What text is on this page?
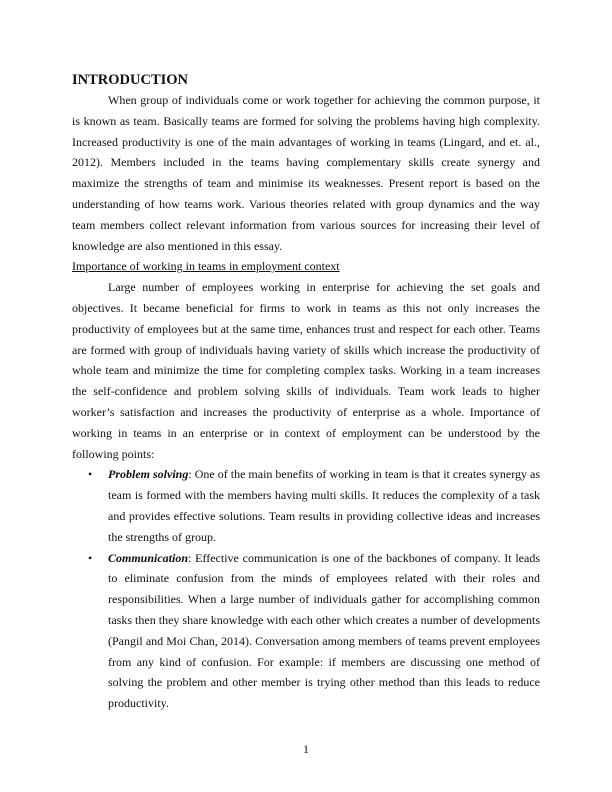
INTRODUCTION

When group of individuals come or work together for achieving the common purpose, it is known as team. Basically teams are formed for solving the problems having high complexity. Increased productivity is one of the main advantages of working in teams (Lingard, and et. al., 2012). Members included in the teams having complementary skills create synergy and maximize the strengths of team and minimise its weaknesses. Present report is based on the understanding of how teams work. Various theories related with group dynamics and the way team members collect relevant information from various sources for increasing their level of knowledge are also mentioned in this essay.

Importance of working in teams in employment context

Large number of employees working in enterprise for achieving the set goals and objectives. It became beneficial for firms to work in teams as this not only increases the productivity of employees but at the same time, enhances trust and respect for each other. Teams are formed with group of individuals having variety of skills which increase the productivity of whole team and minimize the time for completing complex tasks. Working in a team increases the self-confidence and problem solving skills of individuals. Team work leads to higher worker’s satisfaction and increases the productivity of enterprise as a whole. Importance of working in teams in an enterprise or in context of employment can be understood by the following points:

• Problem solving: One of the main benefits of working in team is that it creates synergy as team is formed with the members having multi skills. It reduces the complexity of a task and provides effective solutions. Team results in providing collective ideas and increases the strengths of group.
• Communication: Effective communication is one of the backbones of company. It leads to eliminate confusion from the minds of employees related with their roles and responsibilities. When a large number of individuals gather for accomplishing common tasks then they share knowledge with each other which creates a number of developments (Pangil and Moi Chan, 2014). Conversation among members of teams prevent employees from any kind of confusion. For example: if members are discussing one method of solving the problem and other member is trying other method than this leads to reduce productivity.
1
